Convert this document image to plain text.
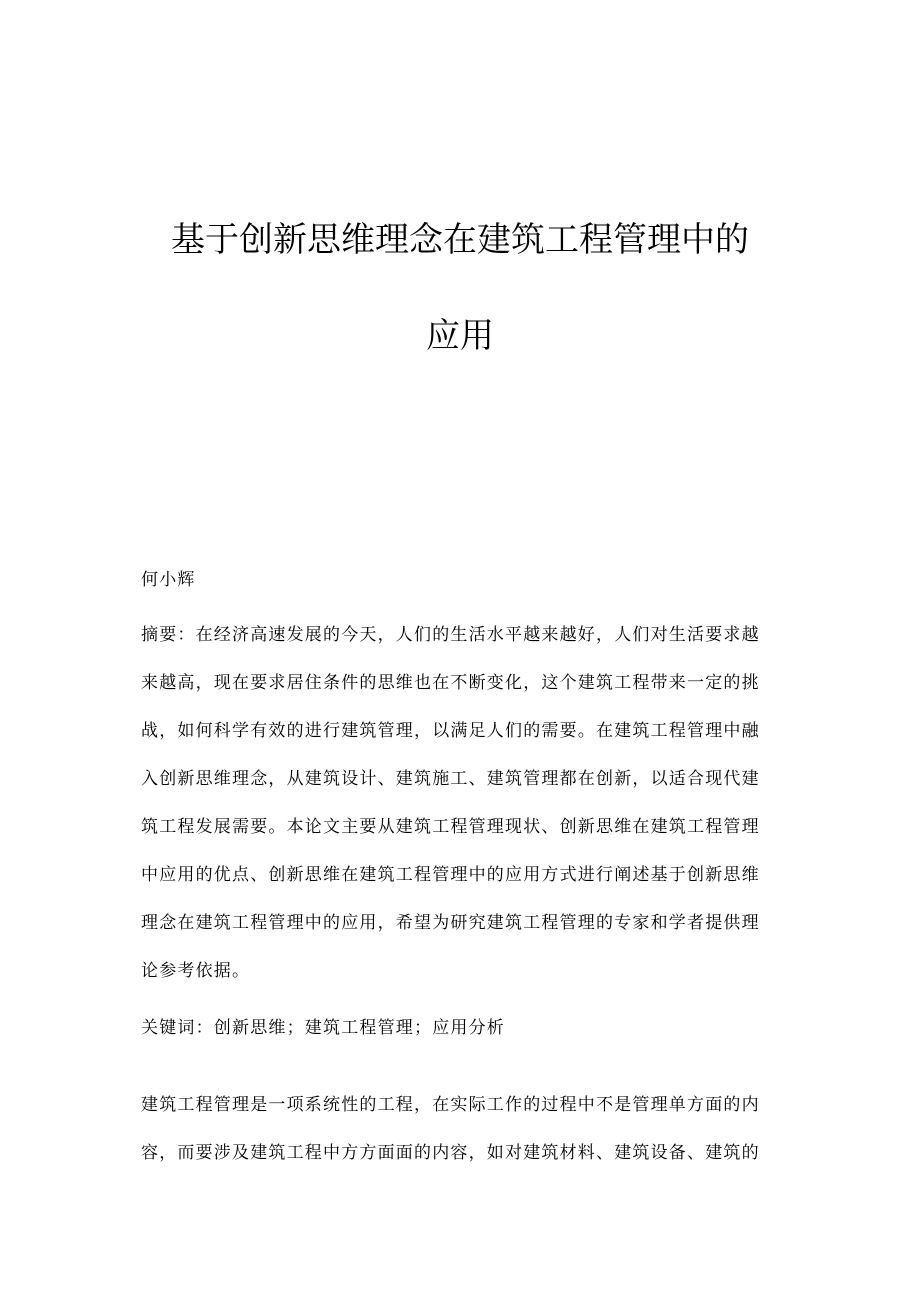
基于创新思维理念在建筑工程管理中的
应用

何小辉

摘要：在经济高速发展的今天，人们的生活水平越来越好，人们对生活要求越
来越高，现在要求居住条件的思维也在不断变化，这个建筑工程带来一定的挑
战，如何科学有效的进行建筑管理，以满足人们的需要。在建筑工程管理中融
入创新思维理念，从建筑设计、建筑施工、建筑管理都在创新，以适合现代建
筑工程发展需要。本论文主要从建筑工程管理现状、创新思维在建筑工程管理
中应用的优点、创新思维在建筑工程管理中的应用方式进行阐述基于创新思维
理念在建筑工程管理中的应用，希望为研究建筑工程管理的专家和学者提供理
论参考依据。

关键词：创新思维；建筑工程管理；应用分析

建筑工程管理是一项系统性的工程，在实际工作的过程中不是管理单方面的内
容，而要涉及建筑工程中方方面面的内容，如对建筑材料、建筑设备、建筑的
